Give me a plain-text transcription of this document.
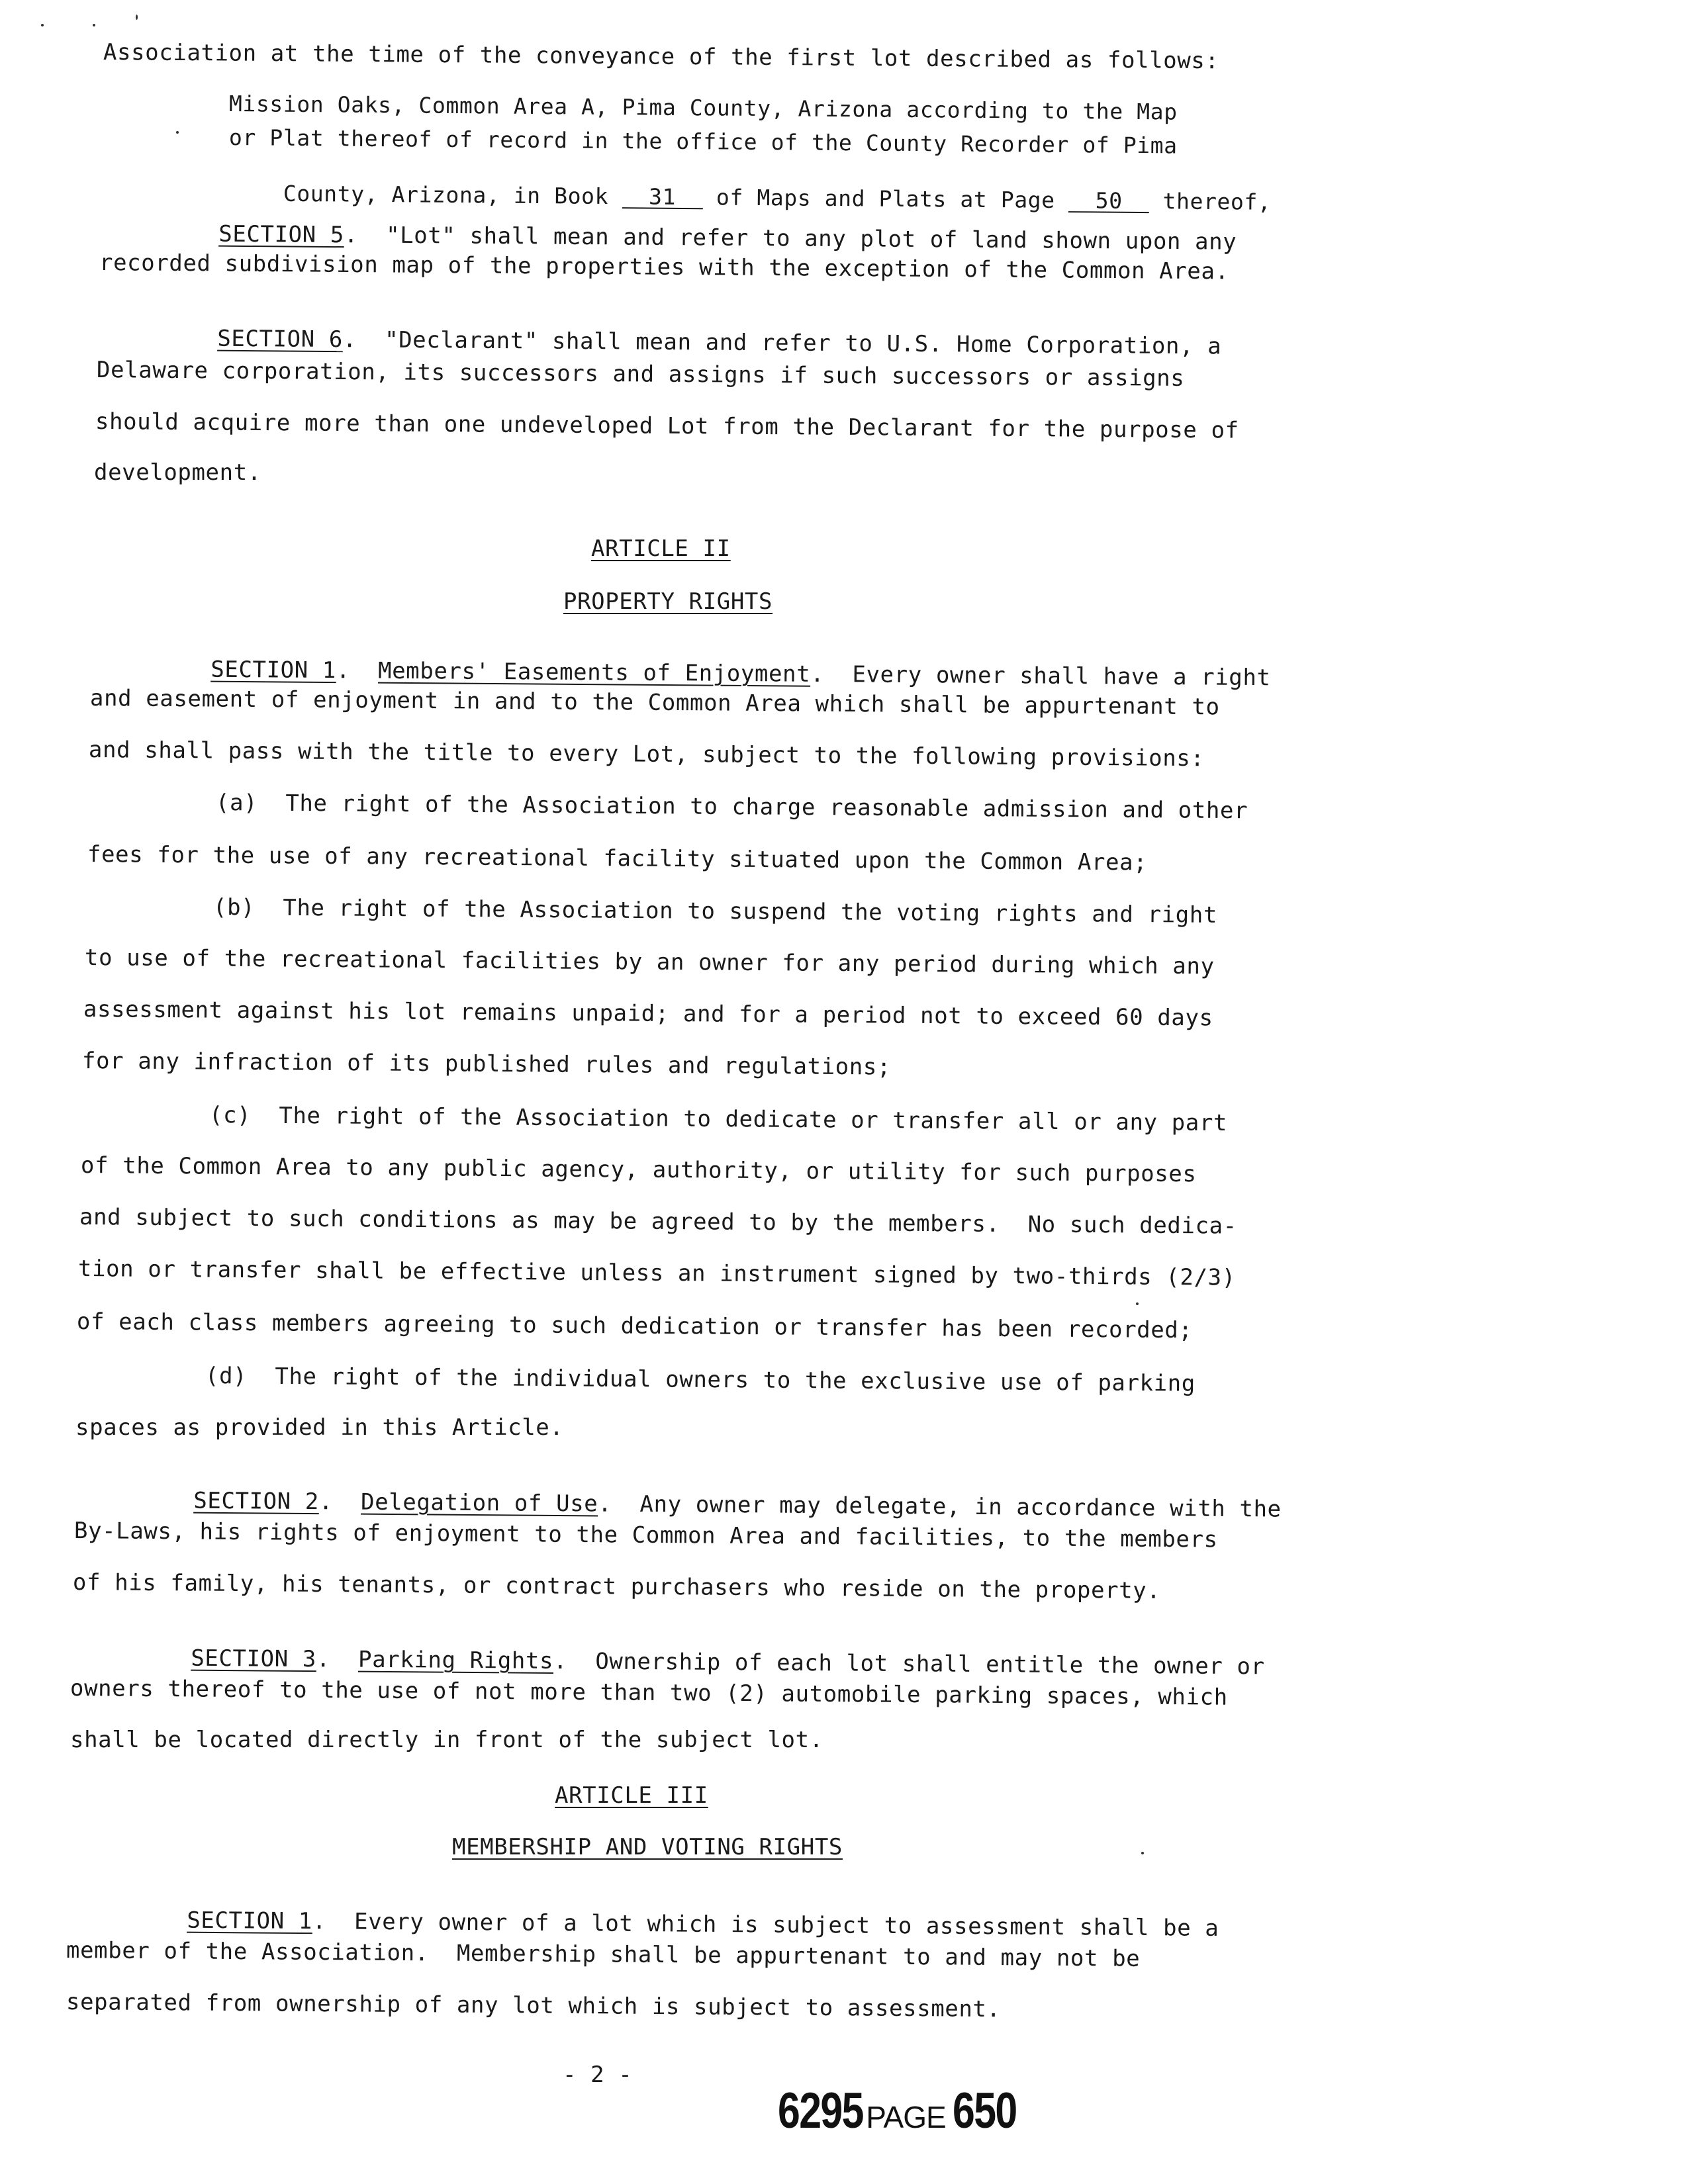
Association at the time of the conveyance of the first lot described as follows:
Mission Oaks, Common Area A, Pima County, Arizona according to the Map
or Plat thereof of record in the office of the County Recorder of Pima

County, Arizona, in Book 31 of Maps and Plats at Page 50 thereof,

SECTION 5.  "Lot" shall mean and refer to any plot of land shown upon any

recorded subdivision map of the properties with the exception of the Common Area.

SECTION 6.  "Declarant" shall mean and refer to U.S. Home Corporation, a

Delaware corporation, its successors and assigns if such successors or assigns
should acquire more than one undeveloped Lot from the Declarant for the purpose of
development.
ARTICLE II
PROPERTY RIGHTS

SECTION 1.  Members' Easements of Enjoyment.  Every owner shall have a right

and easement of enjoyment in and to the Common Area which shall be appurtenant to
and shall pass with the title to every Lot, subject to the following provisions:
(a)  The right of the Association to charge reasonable admission and other
fees for the use of any recreational facility situated upon the Common Area;
(b)  The right of the Association to suspend the voting rights and right
to use of the recreational facilities by an owner for any period during which any
assessment against his lot remains unpaid; and for a period not to exceed 60 days
for any infraction of its published rules and regulations;
(c)  The right of the Association to dedicate or transfer all or any part
of the Common Area to any public agency, authority, or utility for such purposes
and subject to such conditions as may be agreed to by the members.  No such dedica-
tion or transfer shall be effective unless an instrument signed by two-thirds (2/3)
of each class members agreeing to such dedication or transfer has been recorded;
(d)  The right of the individual owners to the exclusive use of parking
spaces as provided in this Article.

SECTION 2.  Delegation of Use.  Any owner may delegate, in accordance with the

By-Laws, his rights of enjoyment to the Common Area and facilities, to the members
of his family, his tenants, or contract purchasers who reside on the property.

SECTION 3.  Parking Rights.  Ownership of each lot shall entitle the owner or

owners thereof to the use of not more than two (2) automobile parking spaces, which
shall be located directly in front of the subject lot.
ARTICLE III
MEMBERSHIP AND VOTING RIGHTS

SECTION 1.  Every owner of a lot which is subject to assessment shall be a

member of the Association.  Membership shall be appurtenant to and may not be
separated from ownership of any lot which is subject to assessment.
- 2 -

6295PAGE 650
